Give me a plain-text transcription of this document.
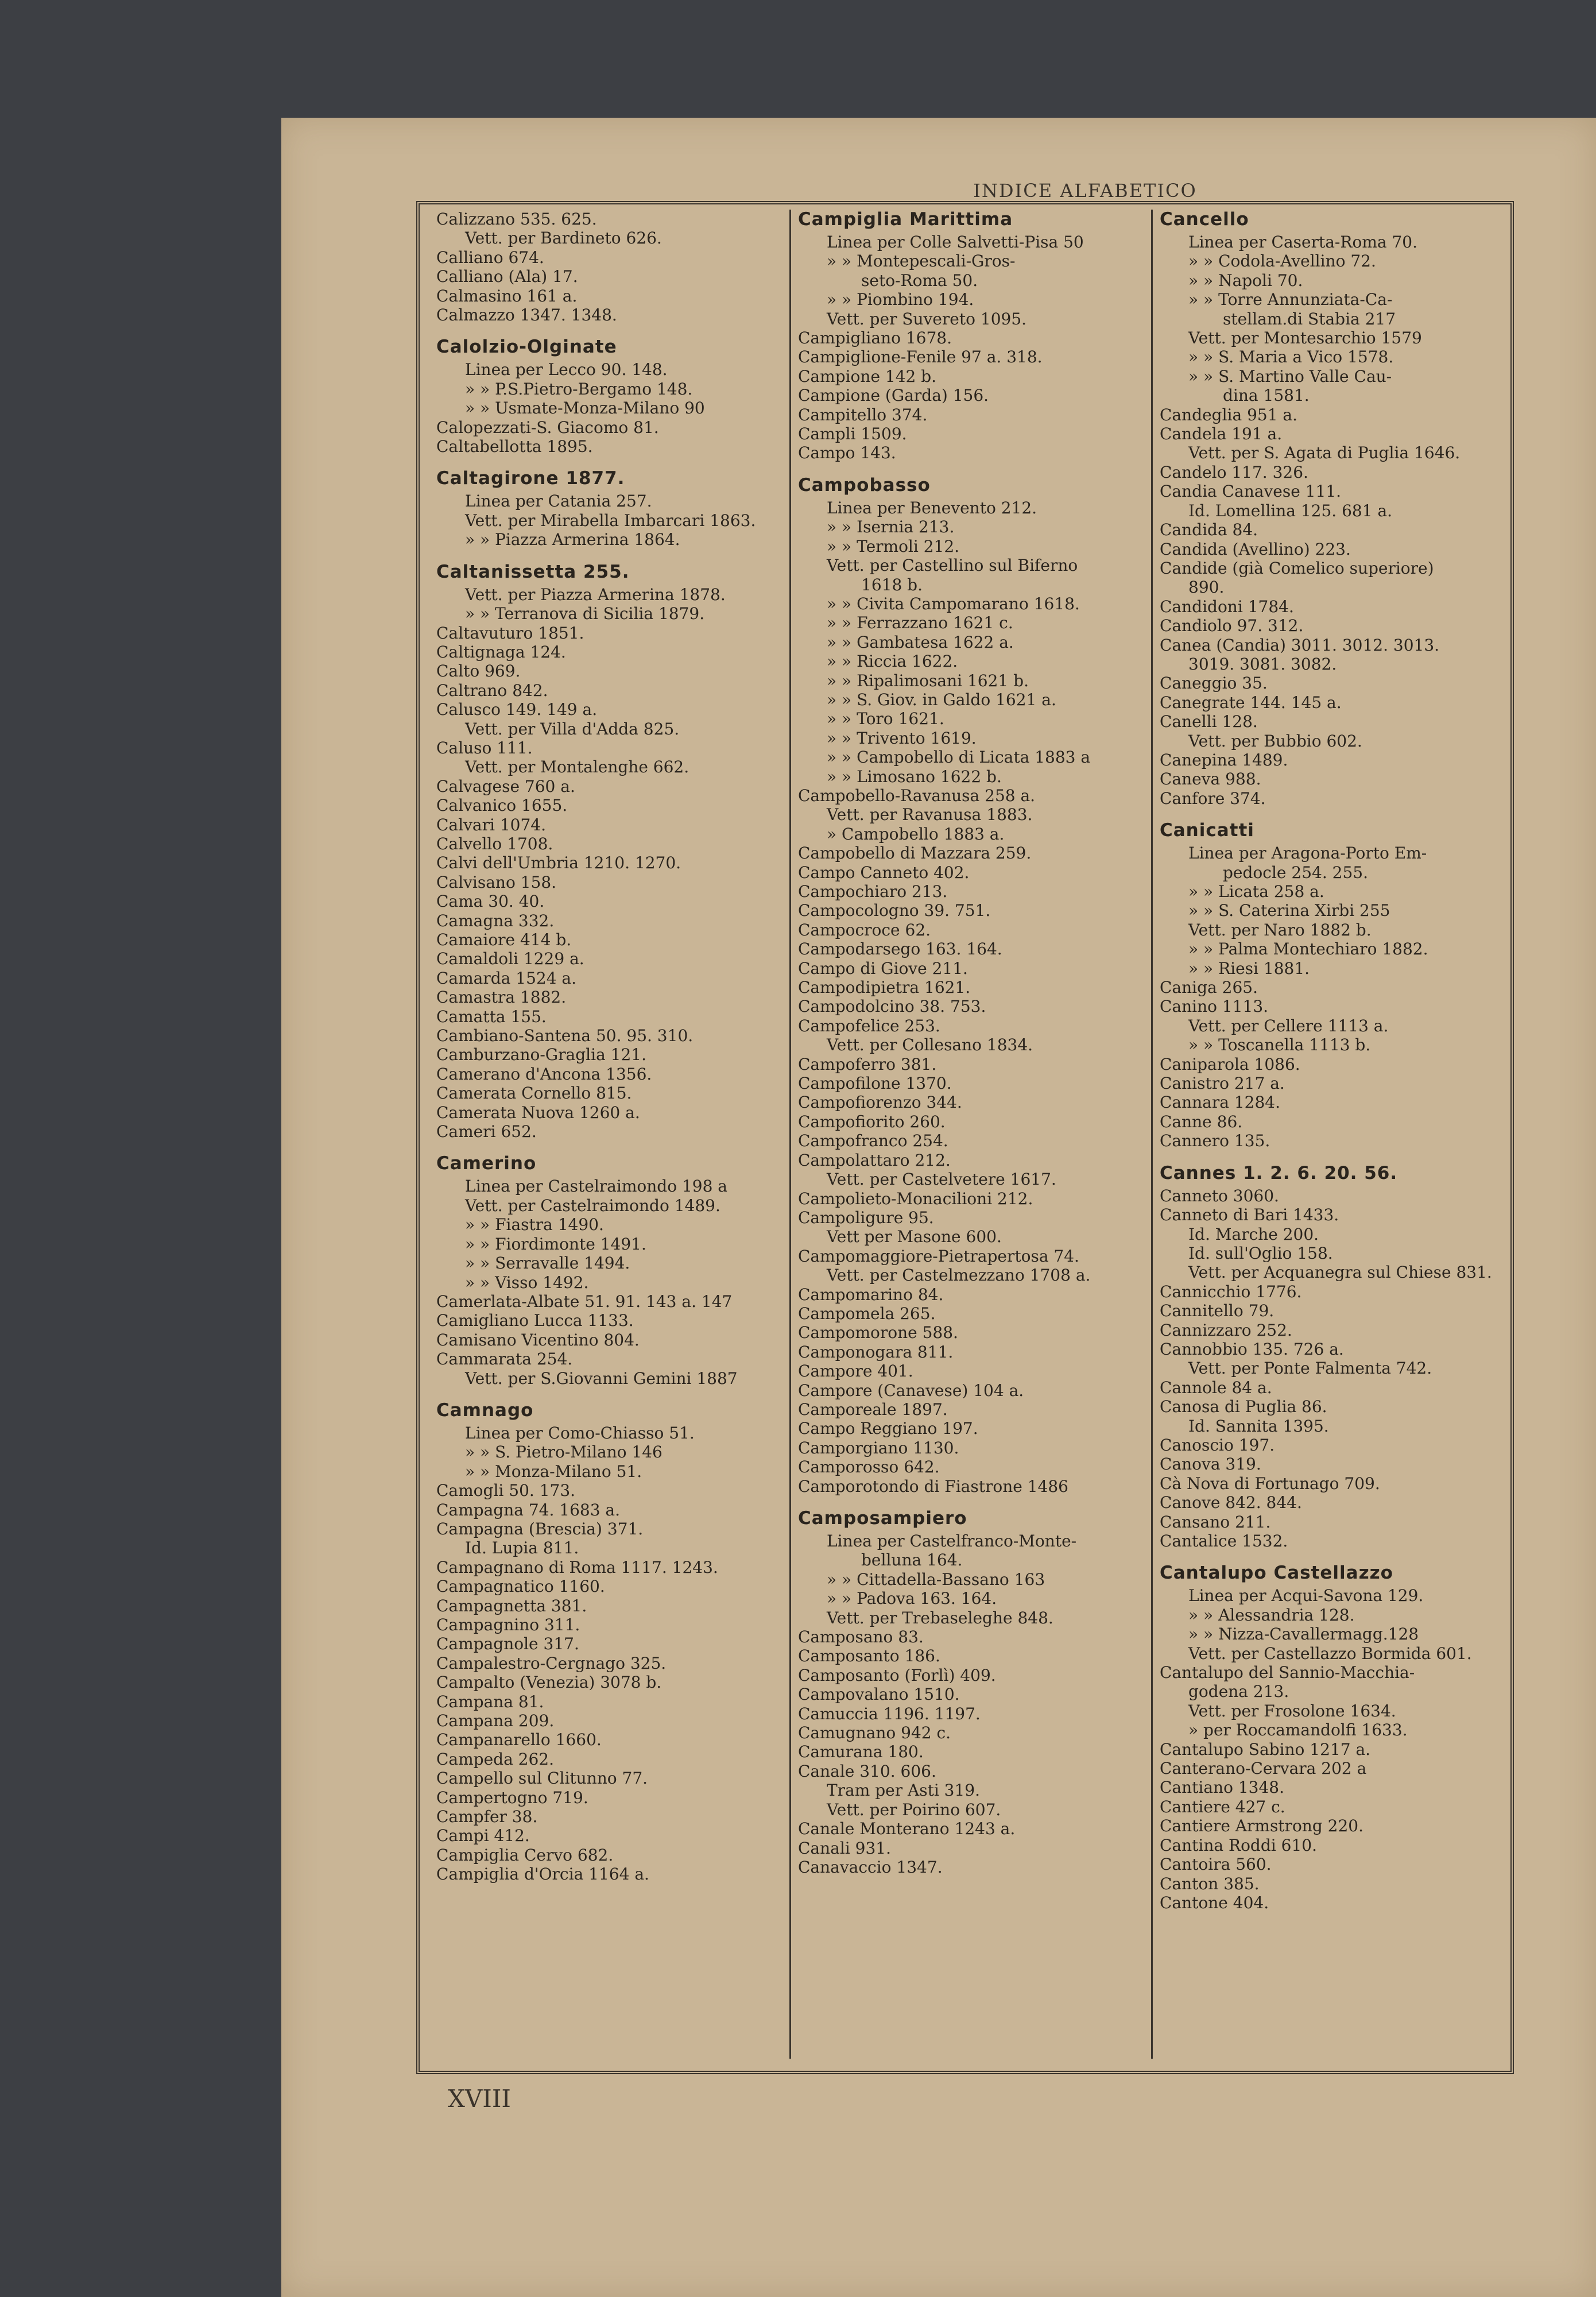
INDICE ALFABETICO
Calizzano 535. 625.
Vett. per Bardineto 626.
Calliano 674.
Calliano (Ala) 17.
Calmasino 161 a.
Calmazzo 1347. 1348.
Calolzio-Olginate
Linea per Lecco 90. 148.
» » P.S.Pietro-Bergamo 148.
» » Usmate-Monza-Milano 90
Calopezzati-S. Giacomo 81.
Caltabellotta 1895.
Caltagirone 1877.
Linea per Catania 257.
Vett. per Mirabella Imbarcari 1863.
» » Piazza Armerina 1864.
Caltanissetta 255.
Vett. per Piazza Armerina 1878.
» » Terranova di Sicilia 1879.
Caltavuturo 1851.
Caltignaga 124.
Calto 969.
Caltrano 842.
Calusco 149. 149 a.
Vett. per Villa d'Adda 825.
Caluso 111.
Vett. per Montalenghe 662.
Calvagese 760 a.
Calvanico 1655.
Calvari 1074.
Calvello 1708.
Calvi dell'Umbria 1210. 1270.
Calvisano 158.
Cama 30. 40.
Camagna 332.
Camaiore 414 b.
Camaldoli 1229 a.
Camarda 1524 a.
Camastra 1882.
Camatta 155.
Cambiano-Santena 50. 95. 310.
Camburzano-Graglia 121.
Camerano d'Ancona 1356.
Camerata Cornello 815.
Camerata Nuova 1260 a.
Cameri 652.
Camerino
Linea per Castelraimondo 198 a
Vett. per Castelraimondo 1489.
» » Fiastra 1490.
» » Fiordimonte 1491.
» » Serravalle 1494.
» » Visso 1492.
Camerlata-Albate 51. 91. 143 a. 147
Camigliano Lucca 1133.
Camisano Vicentino 804.
Cammarata 254.
Vett. per S.Giovanni Gemini 1887
Camnago
Linea per Como-Chiasso 51.
» » S. Pietro-Milano 146
» » Monza-Milano 51.
Camogli 50. 173.
Campagna 74. 1683 a.
Campagna (Brescia) 371.
Id. Lupia 811.
Campagnano di Roma 1117. 1243.
Campagnatico 1160.
Campagnetta 381.
Campagnino 311.
Campagnole 317.
Campalestro-Cergnago 325.
Campalto (Venezia) 3078 b.
Campana 81.
Campana 209.
Campanarello 1660.
Campeda 262.
Campello sul Clitunno 77.
Campertogno 719.
Campfer 38.
Campi 412.
Campiglia Cervo 682.
Campiglia d'Orcia 1164 a.
Campiglia Marittima
Linea per Colle Salvetti-Pisa 50
» » Montepescali-Gros-
seto-Roma 50.
» » Piombino 194.
Vett. per Suvereto 1095.
Campigliano 1678.
Campiglione-Fenile 97 a. 318.
Campione 142 b.
Campione (Garda) 156.
Campitello 374.
Campli 1509.
Campo 143.
Campobasso
Linea per Benevento 212.
» » Isernia 213.
» » Termoli 212.
Vett. per Castellino sul Biferno
1618 b.
» » Civita Campomarano 1618.
» » Ferrazzano 1621 c.
» » Gambatesa 1622 a.
» » Riccia 1622.
» » Ripalimosani 1621 b.
» » S. Giov. in Galdo 1621 a.
» » Toro 1621.
» » Trivento 1619.
» » Campobello di Licata 1883 a
» » Limosano 1622 b.
Campobello-Ravanusa 258 a.
Vett. per Ravanusa 1883.
» Campobello 1883 a.
Campobello di Mazzara 259.
Campo Canneto 402.
Campochiaro 213.
Campocologno 39. 751.
Campocroce 62.
Campodarsego 163. 164.
Campo di Giove 211.
Campodipietra 1621.
Campodolcino 38. 753.
Campofelice 253.
Vett. per Collesano 1834.
Campoferro 381.
Campofilone 1370.
Campofiorenzo 344.
Campofiorito 260.
Campofranco 254.
Campolattaro 212.
Vett. per Castelvetere 1617.
Campolieto-Monacilioni 212.
Campoligure 95.
Vett per Masone 600.
Campomaggiore-Pietrapertosa 74.
Vett. per Castelmezzano 1708 a.
Campomarino 84.
Campomela 265.
Campomorone 588.
Camponogara 811.
Campore 401.
Campore (Canavese) 104 a.
Camporeale 1897.
Campo Reggiano 197.
Camporgiano 1130.
Camporosso 642.
Camporotondo di Fiastrone 1486
Camposampiero
Linea per Castelfranco-Monte-
belluna 164.
» » Cittadella-Bassano 163
» » Padova 163. 164.
Vett. per Trebaseleghe 848.
Camposano 83.
Camposanto 186.
Camposanto (Forlì) 409.
Campovalano 1510.
Camuccia 1196. 1197.
Camugnano 942 c.
Camurana 180.
Canale 310. 606.
Tram per Asti 319.
Vett. per Poirino 607.
Canale Monterano 1243 a.
Canali 931.
Canavaccio 1347.
Cancello
Linea per Caserta-Roma 70.
» » Codola-Avellino 72.
» » Napoli 70.
» » Torre Annunziata-Ca-
stellam.di Stabia 217
Vett. per Montesarchio 1579
» » S. Maria a Vico 1578.
» » S. Martino Valle Cau-
dina 1581.
Candeglia 951 a.
Candela 191 a.
Vett. per S. Agata di Puglia 1646.
Candelo 117. 326.
Candia Canavese 111.
Id. Lomellina 125. 681 a.
Candida 84.
Candida (Avellino) 223.
Candide (già Comelico superiore)
890.
Candidoni 1784.
Candiolo 97. 312.
Canea (Candia) 3011. 3012. 3013.
3019. 3081. 3082.
Caneggio 35.
Canegrate 144. 145 a.
Canelli 128.
Vett. per Bubbio 602.
Canepina 1489.
Caneva 988.
Canfore 374.
Canicatti
Linea per Aragona-Porto Em-
pedocle 254. 255.
» » Licata 258 a.
» » S. Caterina Xirbi 255
Vett. per Naro 1882 b.
» » Palma Montechiaro 1882.
» » Riesi 1881.
Caniga 265.
Canino 1113.
Vett. per Cellere 1113 a.
» » Toscanella 1113 b.
Caniparola 1086.
Canistro 217 a.
Cannara 1284.
Canne 86.
Cannero 135.
Cannes 1. 2. 6. 20. 56.
Canneto 3060.
Canneto di Bari 1433.
Id. Marche 200.
Id. sull'Oglio 158.
Vett. per Acquanegra sul Chiese 831.
Cannicchio 1776.
Cannitello 79.
Cannizzaro 252.
Cannobbio 135. 726 a.
Vett. per Ponte Falmenta 742.
Cannole 84 a.
Canosa di Puglia 86.
Id. Sannita 1395.
Canoscio 197.
Canova 319.
Cà Nova di Fortunago 709.
Canove 842. 844.
Cansano 211.
Cantalice 1532.
Cantalupo Castellazzo
Linea per Acqui-Savona 129.
» » Alessandria 128.
» » Nizza-Cavallermagg.128
Vett. per Castellazzo Bormida 601.
Cantalupo del Sannio-Macchia-
godena 213.
Vett. per Frosolone 1634.
» per Roccamandolfi 1633.
Cantalupo Sabino 1217 a.
Canterano-Cervara 202 a
Cantiano 1348.
Cantiere 427 c.
Cantiere Armstrong 220.
Cantina Roddi 610.
Cantoira 560.
Canton 385.
Cantone 404.
XVIII
